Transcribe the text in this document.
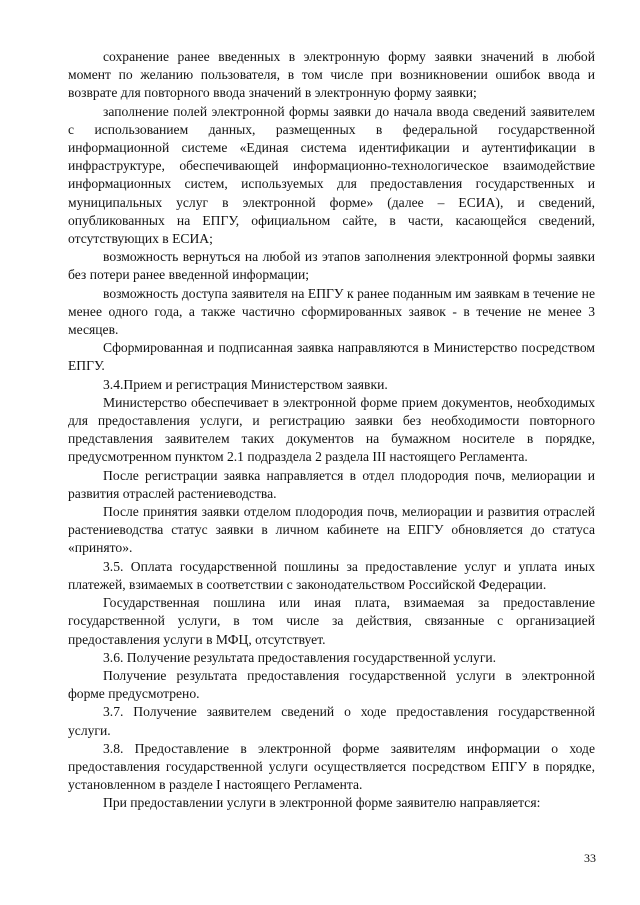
сохранение ранее введенных в электронную форму заявки значений в любой момент по желанию пользователя, в том числе при возникновении ошибок ввода и возврате для повторного ввода значений в электронную форму заявки;

заполнение полей электронной формы заявки до начала ввода сведений заявителем с использованием данных, размещенных в федеральной государственной информационной системе «Единая система идентификации и аутентификации в инфраструктуре, обеспечивающей информационно-технологическое взаимодействие информационных систем, используемых для предоставления государственных и муниципальных услуг в электронной форме» (далее – ЕСИА), и сведений, опубликованных на ЕПГУ, официальном сайте, в части, касающейся сведений, отсутствующих в ЕСИА;

возможность вернуться на любой из этапов заполнения электронной формы заявки без потери ранее введенной информации;

возможность доступа заявителя на ЕПГУ к ранее поданным им заявкам в течение не менее одного года, а также частично сформированных заявок - в течение не менее 3 месяцев.

Сформированная и подписанная заявка направляются в Министерство посредством ЕПГУ.

3.4.Прием и регистрация Министерством заявки.

Министерство обеспечивает в электронной форме прием документов, необходимых для предоставления услуги, и регистрацию заявки без необходимости повторного представления заявителем таких документов на бумажном носителе в порядке, предусмотренном пунктом 2.1 подраздела 2 раздела III настоящего Регламента.

После регистрации заявка направляется в отдел плодородия почв, мелиорации и развития отраслей растениеводства.

После принятия заявки отделом плодородия почв, мелиорации и развития отраслей растениеводства статус заявки в личном кабинете на ЕПГУ обновляется до статуса «принято».

3.5. Оплата государственной пошлины за предоставление услуг и уплата иных платежей, взимаемых в соответствии с законодательством Российской Федерации.

Государственная пошлина или иная плата, взимаемая за предоставление государственной услуги, в том числе за действия, связанные с организацией предоставления услуги в МФЦ, отсутствует.

3.6. Получение результата предоставления государственной услуги.

Получение результата предоставления государственной услуги в электронной форме предусмотрено.

3.7. Получение заявителем сведений о ходе предоставления государственной услуги.

3.8. Предоставление в электронной форме заявителям информации о ходе предоставления государственной услуги осуществляется посредством ЕПГУ в порядке, установленном в разделе I настоящего Регламента.

При предоставлении услуги в электронной форме заявителю направляется:

33
